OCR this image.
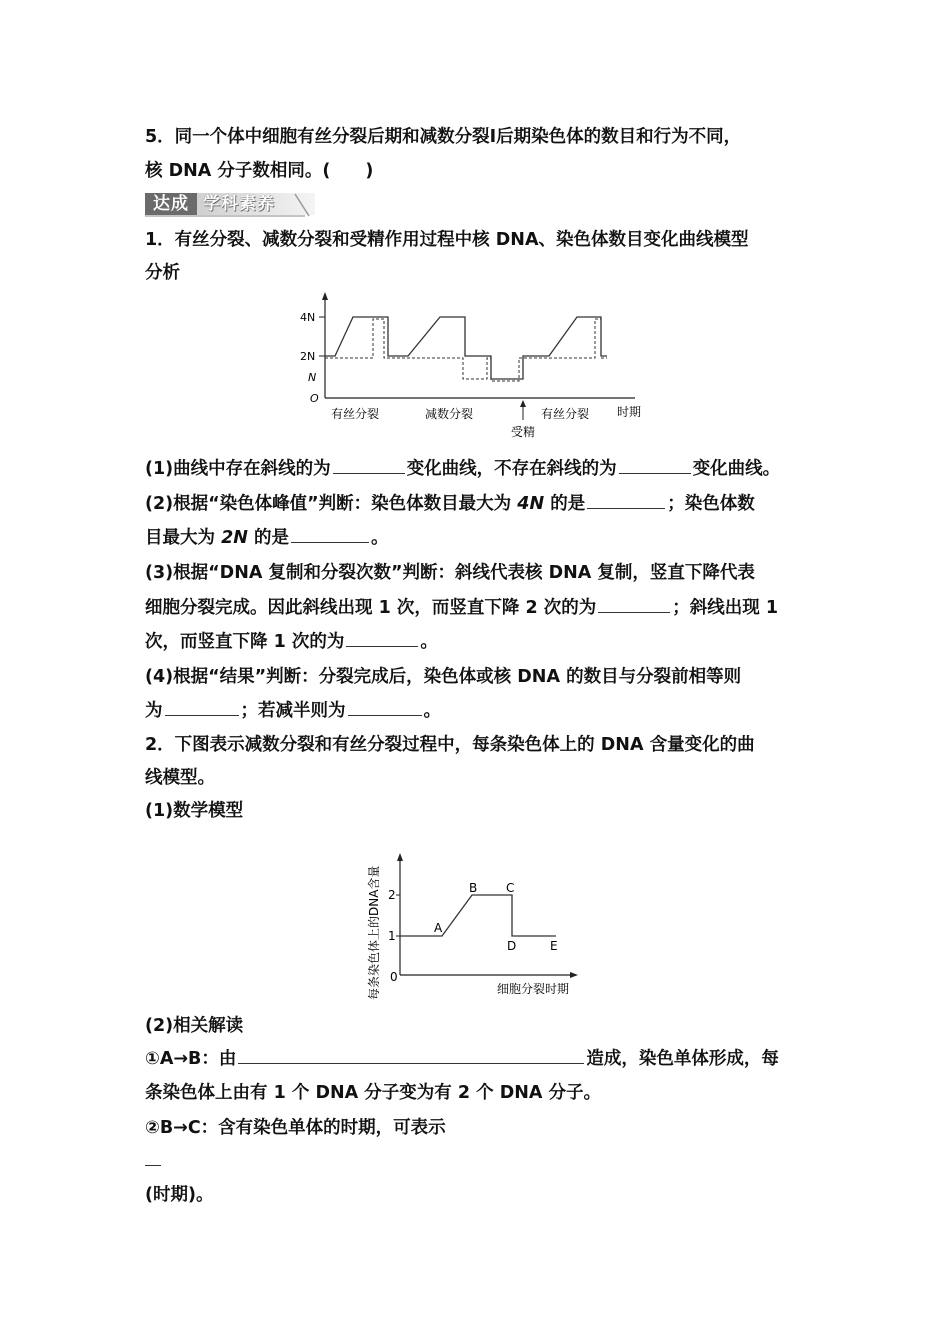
5．同一个体中细胞有丝分裂后期和减数分裂Ⅰ后期染色体的数目和行为不同，
核 DNA 分子数相同。(　　)
达成 学科素养
1．有丝分裂、减数分裂和受精作用过程中核 DNA、染色体数目变化曲线模型
分析
4N
2N
N
O
有丝分裂	减数分裂	有丝分裂 时期
受精
(1)曲线中存在斜线的为	变化曲线，不存在斜线的为	变化曲线。
(2)根据“染色体峰值”判断：染色体数目最大为 4N 的是	；染色体数
目最大为 2N 的是	。
(3)根据“DNA 复制和分裂次数”判断：斜线代表核 DNA 复制，竖直下降代表
细胞分裂完成。因此斜线出现 1 次，而竖直下降 2 次的为	；斜线出现 1
次，而竖直下降 1 次的为	。
(4)根据“结果”判断：分裂完成后，染色体或核 DNA 的数目与分裂前相等则
为	；若减半则为	。
2．下图表示减数分裂和有丝分裂过程中，每条染色体上的 DNA 含量变化的曲
线模型。
(1)数学模型
每条染色体上的DNA含量 2
1
0
A
B C
D	E
细胞分裂时期
(2)相关解读
①A→B：由	造成，染色单体形成，每
条染色体上由有 1 个 DNA 分子变为有 2 个 DNA 分子。
②B→C：含有染色单体的时期，可表示
(时期)。
